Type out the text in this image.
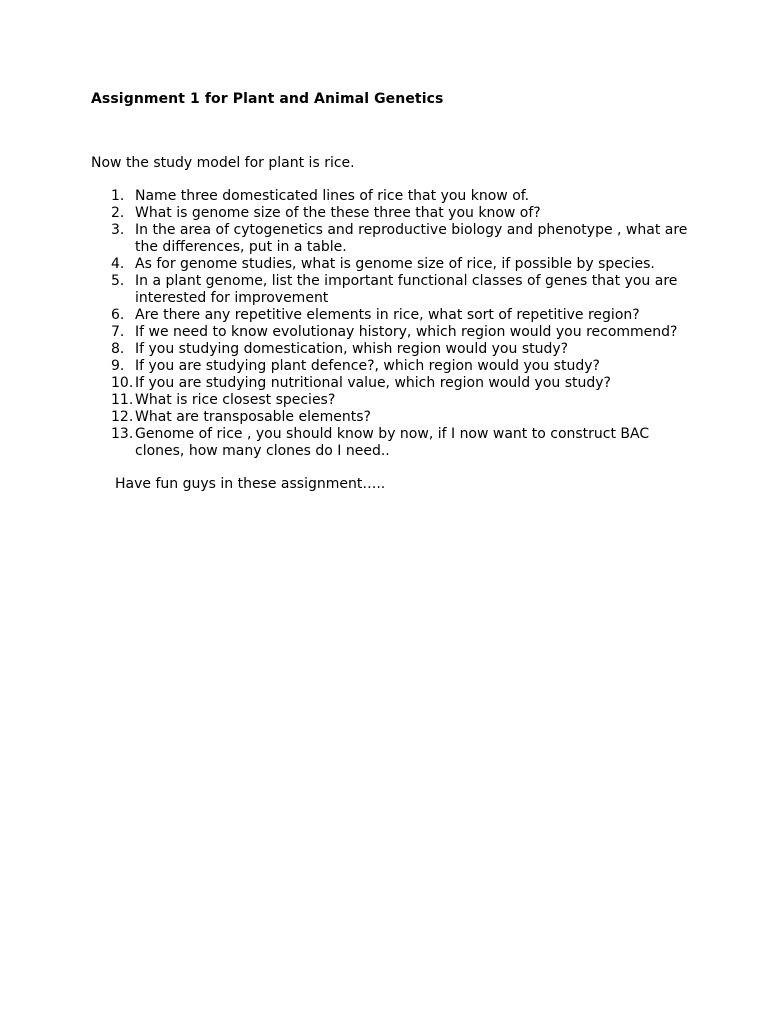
Assignment 1 for Plant and Animal Genetics
Now the study model for plant is rice.
1. Name three domesticated lines of rice that you know of.
2. What is genome size of the these three that you know of?
3. In the area of cytogenetics and reproductive biology and phenotype , what are the differences, put in a table.
4. As for genome studies, what is genome size of rice, if possible by species.
5. In a plant genome, list the important functional classes of genes that you are interested for improvement
6. Are there any repetitive elements in rice, what sort of repetitive region?
7. If we need to know evolutionay history, which region would you recommend?
8. If you studying domestication, whish region would you study?
9. If you are studying plant defence?, which region would you study?
10. If you are studying nutritional value, which region would you study?
11. What is rice closest species?
12. What are transposable elements?
13. Genome of rice , you should know by now, if I now want to construct BAC clones, how many clones do I need..
Have fun guys in these assignment…..
